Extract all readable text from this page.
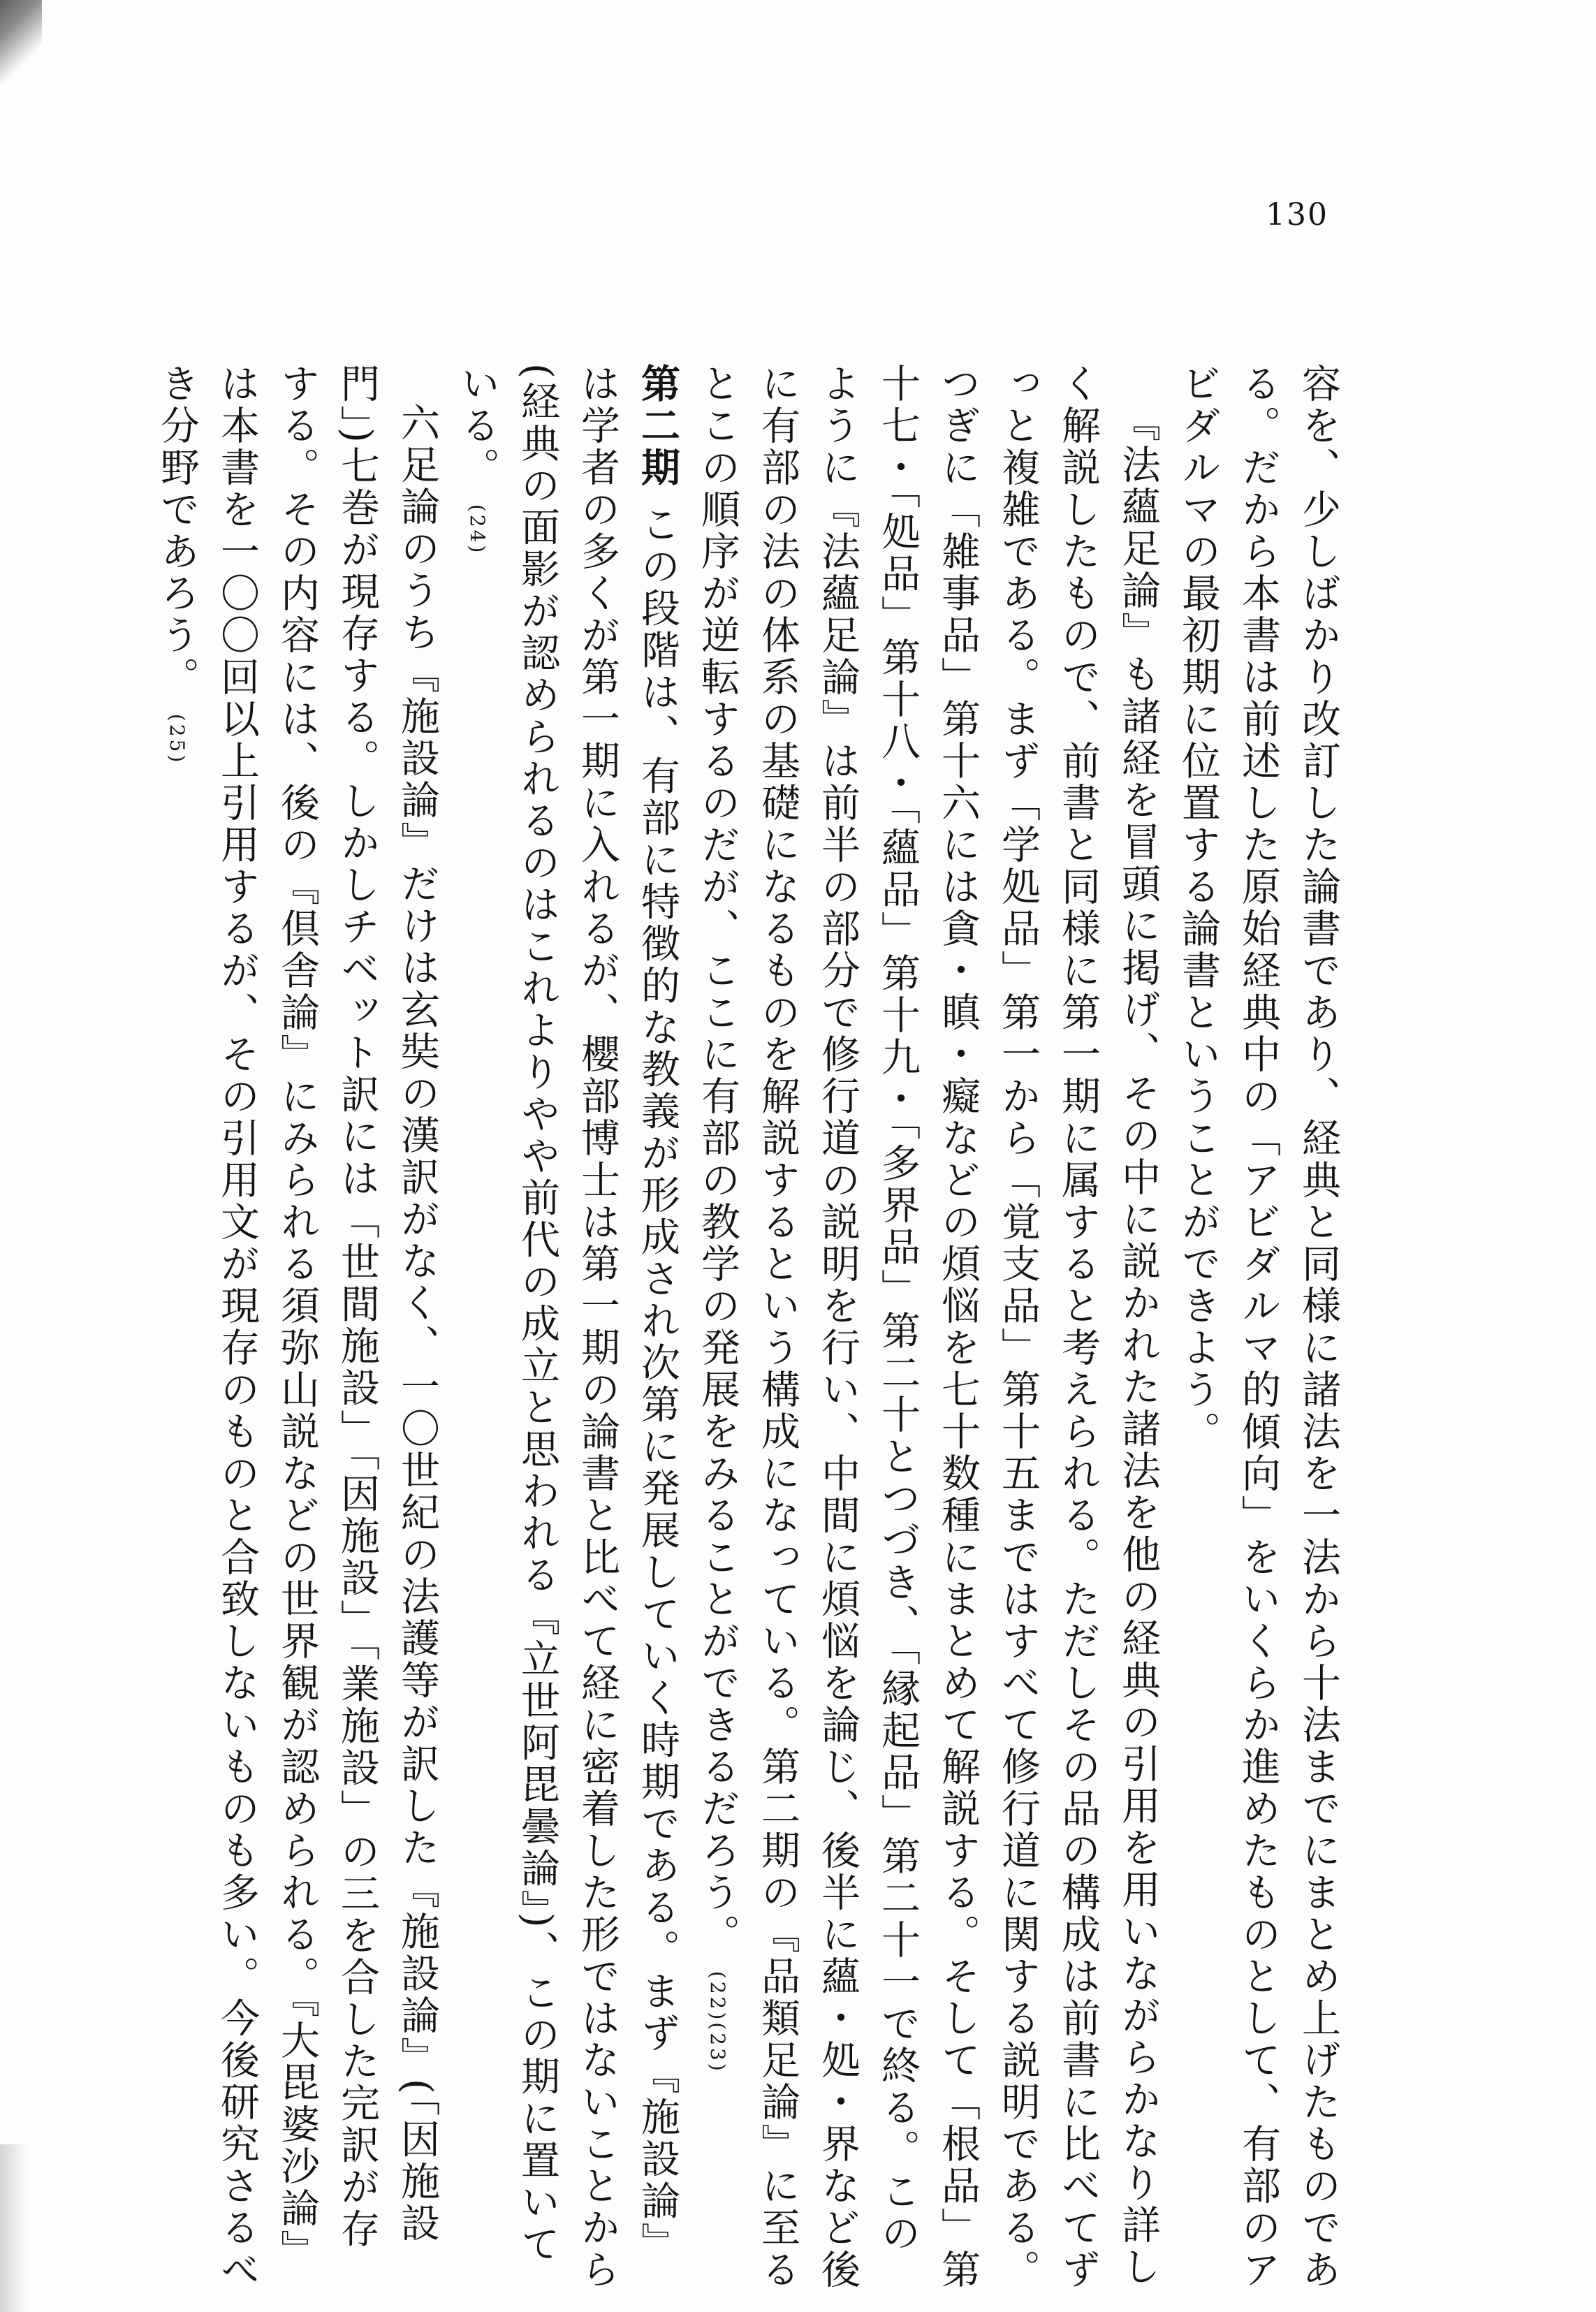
130

容を、少しばかり改訂した論書であり、経典と同様に諸法を一法から十法までにまとめ上げたものである。だから本書は前述した原始経典中の「アビダルマ的傾向」をいくらか進めたものとして、有部のアビダルマの最初期に位置する論書ということができよう。

『法蘊足論』も諸経を冒頭に掲げ、その中に説かれた諸法を他の経典の引用を用いながらかなり詳しく解説したもので、前書と同様に第一期に属すると考えられる。ただしその品の構成は前書に比べてずっと複雑である。まず「学処品」第一から「覚支品」第十五まではすべて修行道に関する説明である。つぎに「雑事品」第十六には貪・瞋・癡などの煩悩を七十数種にまとめて解説する。そして「根品」第十七・「処品」第十八・「蘊品」第十九・「多界品」第二十とつづき、「縁起品」第二十一で終る。このように『法蘊足論』は前半の部分で修行道の説明を行い、中間に煩悩を論じ、後半に蘊・処・界など後に有部の法の体系の基礎になるものを解説するという構成になっている。第二期の『品類足論』に至るとこの順序が逆転するのだが、ここに有部の教学の発展をみることができるだろう。 (22)(23)

第二期 この段階は、有部に特徴的な教義が形成され次第に発展していく時期である。まず『施設論』は学者の多くが第一期に入れるが、櫻部博士は第一期の論書と比べて経に密着した形ではないことから(経典の面影が認められるのはこれよりやや前代の成立と思われる『立世阿毘曇論』)、この期に置いている。 (24)

六足論のうち『施設論』だけは玄奘の漢訳がなく、一〇世紀の法護等が訳した『施設論』(「因施設門」)七巻が現存する。しかしチベット訳には「世間施設」「因施設」「業施設」の三を合した完訳が存する。その内容には、後の『倶舎論』にみられる須弥山説などの世界観が認められる。『大毘婆沙論』は本書を一〇〇回以上引用するが、その引用文が現存のものと合致しないものも多い。今後研究さるべき分野であろう。 (25)
